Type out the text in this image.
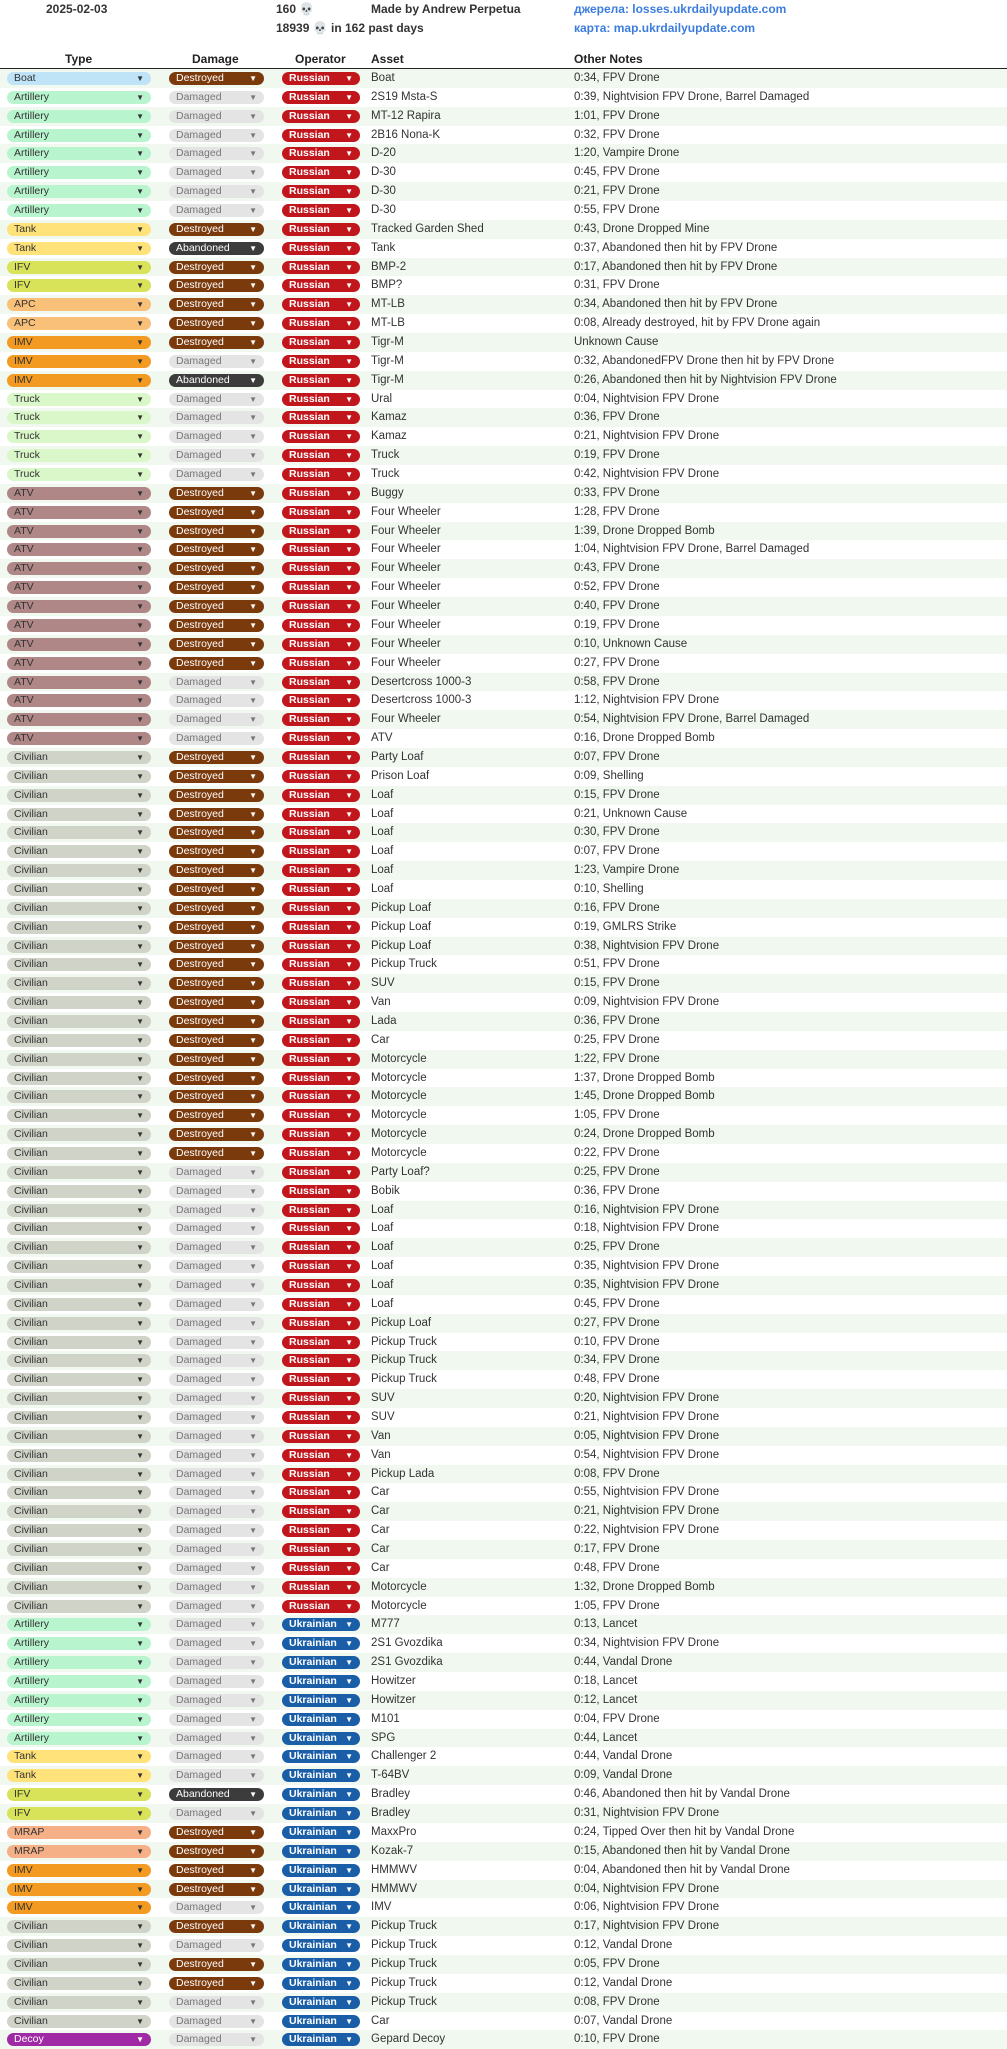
2025-02-03	160 💀
18939 💀 in 162 past days
Made by Andrew Perpetua	джерела: losses.ukrdailyupdate.com
карта: map.ukrdailyupdate.com
Type	Damage	Operator Asset	Other Notes
Boat	▼	Destroyed	▼	Russian ▼ Boat	0:34, FPV Drone
Artillery	▼	Damaged	▼	Russian ▼ 2S19 Msta-S	0:39, Nightvision FPV Drone, Barrel Damaged
Artillery	▼	Damaged	▼	Russian ▼ MT-12 Rapira	1:01, FPV Drone
Artillery	▼	Damaged	▼	Russian ▼ 2B16 Nona-K	0:32, FPV Drone
Artillery	▼	Damaged	▼	Russian ▼ D-20	1:20, Vampire Drone
Artillery	▼	Damaged	▼	Russian ▼ D-30	0:45, FPV Drone
Artillery	▼	Damaged	▼	Russian ▼ D-30	0:21, FPV Drone
Artillery	▼	Damaged	▼	Russian ▼ D-30	0:55, FPV Drone
Tank	▼	Destroyed	▼	Russian ▼ Tracked Garden Shed	0:43, Drone Dropped Mine
Tank	▼	Abandoned ▼	Russian ▼ Tank	0:37, Abandoned then hit by FPV Drone
IFV	▼	Destroyed	▼	Russian ▼ BMP-2	0:17, Abandoned then hit by FPV Drone
IFV	▼	Destroyed	▼	Russian ▼ BMP?	0:31, FPV Drone
APC	▼	Destroyed	▼	Russian ▼ MT-LB	0:34, Abandoned then hit by FPV Drone
APC	▼	Destroyed	▼	Russian ▼ MT-LB	0:08, Already destroyed, hit by FPV Drone again
IMV	▼	Destroyed	▼	Russian ▼ Tigr-M	Unknown Cause
IMV	▼	Damaged	▼	Russian ▼ Tigr-M	0:32, AbandonedFPV Drone then hit by FPV Drone
IMV	▼	Abandoned ▼	Russian ▼ Tigr-M	0:26, Abandoned then hit by Nightvision FPV Drone
Truck	▼	Damaged	▼	Russian ▼ Ural	0:04, Nightvision FPV Drone
Truck	▼	Damaged	▼	Russian ▼ Kamaz	0:36, FPV Drone
Truck	▼	Damaged	▼	Russian ▼ Kamaz	0:21, Nightvision FPV Drone
Truck	▼	Damaged	▼	Russian ▼ Truck	0:19, FPV Drone
Truck	▼	Damaged	▼	Russian ▼ Truck	0:42, Nightvision FPV Drone
ATV	▼	Destroyed	▼	Russian ▼ Buggy	0:33, FPV Drone
ATV	▼	Destroyed	▼	Russian ▼ Four Wheeler	1:28, FPV Drone
ATV	▼	Destroyed	▼	Russian ▼ Four Wheeler	1:39, Drone Dropped Bomb
ATV	▼	Destroyed	▼	Russian ▼ Four Wheeler	1:04, Nightvision FPV Drone, Barrel Damaged
ATV	▼	Destroyed	▼	Russian ▼ Four Wheeler	0:43, FPV Drone
ATV	▼	Destroyed	▼	Russian ▼ Four Wheeler	0:52, FPV Drone
ATV	▼	Destroyed	▼	Russian ▼ Four Wheeler	0:40, FPV Drone
ATV	▼	Destroyed	▼	Russian ▼ Four Wheeler	0:19, FPV Drone
ATV	▼	Destroyed	▼	Russian ▼ Four Wheeler	0:10, Unknown Cause
ATV	▼	Destroyed	▼	Russian ▼ Four Wheeler	0:27, FPV Drone
ATV	▼	Damaged	▼	Russian ▼ Desertcross 1000-3	0:58, FPV Drone
ATV	▼	Damaged	▼	Russian ▼ Desertcross 1000-3	1:12, Nightvision FPV Drone
ATV	▼	Damaged	▼	Russian ▼ Four Wheeler	0:54, Nightvision FPV Drone, Barrel Damaged
ATV	▼	Damaged	▼	Russian ▼ ATV	0:16, Drone Dropped Bomb
Civilian	▼	Destroyed	▼	Russian ▼ Party Loaf	0:07, FPV Drone
Civilian	▼	Destroyed	▼	Russian ▼ Prison Loaf	0:09, Shelling
Civilian	▼	Destroyed	▼	Russian ▼ Loaf	0:15, FPV Drone
Civilian	▼	Destroyed	▼	Russian ▼ Loaf	0:21, Unknown Cause
Civilian	▼	Destroyed	▼	Russian ▼ Loaf	0:30, FPV Drone
Civilian	▼	Destroyed	▼	Russian ▼ Loaf	0:07, FPV Drone
Civilian	▼	Destroyed	▼	Russian ▼ Loaf	1:23, Vampire Drone
Civilian	▼	Destroyed	▼	Russian ▼ Loaf	0:10, Shelling
Civilian	▼	Destroyed	▼	Russian ▼ Pickup Loaf	0:16, FPV Drone
Civilian	▼	Destroyed	▼	Russian ▼ Pickup Loaf	0:19, GMLRS Strike
Civilian	▼	Destroyed	▼	Russian ▼ Pickup Loaf	0:38, Nightvision FPV Drone
Civilian	▼	Destroyed	▼	Russian ▼ Pickup Truck	0:51, FPV Drone
Civilian	▼	Destroyed	▼	Russian ▼ SUV	0:15, FPV Drone
Civilian	▼	Destroyed	▼	Russian ▼ Van	0:09, Nightvision FPV Drone
Civilian	▼	Destroyed	▼	Russian ▼ Lada	0:36, FPV Drone
Civilian	▼	Destroyed	▼	Russian ▼ Car	0:25, FPV Drone
Civilian	▼	Destroyed	▼	Russian ▼ Motorcycle	1:22, FPV Drone
Civilian	▼	Destroyed	▼	Russian ▼ Motorcycle	1:37, Drone Dropped Bomb
Civilian	▼	Destroyed	▼	Russian ▼ Motorcycle	1:45, Drone Dropped Bomb
Civilian	▼	Destroyed	▼	Russian ▼ Motorcycle	1:05, FPV Drone
Civilian	▼	Destroyed	▼	Russian ▼ Motorcycle	0:24, Drone Dropped Bomb
Civilian	▼	Destroyed	▼	Russian ▼ Motorcycle	0:22, FPV Drone
Civilian	▼	Damaged	▼	Russian ▼ Party Loaf?	0:25, FPV Drone
Civilian	▼	Damaged	▼	Russian ▼ Bobik	0:36, FPV Drone
Civilian	▼	Damaged	▼	Russian ▼ Loaf	0:16, Nightvision FPV Drone
Civilian	▼	Damaged	▼	Russian ▼ Loaf	0:18, Nightvision FPV Drone
Civilian	▼	Damaged	▼	Russian ▼ Loaf	0:25, FPV Drone
Civilian	▼	Damaged	▼	Russian ▼ Loaf	0:35, Nightvision FPV Drone
Civilian	▼	Damaged	▼	Russian ▼ Loaf	0:35, Nightvision FPV Drone
Civilian	▼	Damaged	▼	Russian ▼ Loaf	0:45, FPV Drone
Civilian	▼	Damaged	▼	Russian ▼ Pickup Loaf	0:27, FPV Drone
Civilian	▼	Damaged	▼	Russian ▼ Pickup Truck	0:10, FPV Drone
Civilian	▼	Damaged	▼	Russian ▼ Pickup Truck	0:34, FPV Drone
Civilian	▼	Damaged	▼	Russian ▼ Pickup Truck	0:48, FPV Drone
Civilian	▼	Damaged	▼	Russian ▼ SUV	0:20, Nightvision FPV Drone
Civilian	▼	Damaged	▼	Russian ▼ SUV	0:21, Nightvision FPV Drone
Civilian	▼	Damaged	▼	Russian ▼ Van	0:05, Nightvision FPV Drone
Civilian	▼	Damaged	▼	Russian ▼ Van	0:54, Nightvision FPV Drone
Civilian	▼	Damaged	▼	Russian ▼ Pickup Lada	0:08, FPV Drone
Civilian	▼	Damaged	▼	Russian ▼ Car	0:55, Nightvision FPV Drone
Civilian	▼	Damaged	▼	Russian ▼ Car	0:21, Nightvision FPV Drone
Civilian	▼	Damaged	▼	Russian ▼ Car	0:22, Nightvision FPV Drone
Civilian	▼	Damaged	▼	Russian ▼ Car	0:17, FPV Drone
Civilian	▼	Damaged	▼	Russian ▼ Car	0:48, FPV Drone
Civilian	▼	Damaged	▼	Russian ▼ Motorcycle	1:32, Drone Dropped Bomb
Civilian	▼	Damaged	▼	Russian ▼ Motorcycle	1:05, FPV Drone
Artillery	▼	Damaged	▼	Ukrainian ▼ M777	0:13, Lancet
Artillery	▼	Damaged	▼	Ukrainian ▼ 2S1 Gvozdika	0:34, Nightvision FPV Drone
Artillery	▼	Damaged	▼	Ukrainian ▼ 2S1 Gvozdika	0:44, Vandal Drone
Artillery	▼	Damaged	▼	Ukrainian ▼ Howitzer	0:18, Lancet
Artillery	▼	Damaged	▼	Ukrainian ▼ Howitzer	0:12, Lancet
Artillery	▼	Damaged	▼	Ukrainian ▼ M101	0:04, FPV Drone
Artillery	▼	Damaged	▼	Ukrainian ▼ SPG	0:44, Lancet
Tank	▼	Damaged	▼	Ukrainian ▼ Challenger 2	0:44, Vandal Drone
Tank	▼	Damaged	▼	Ukrainian ▼ T-64BV	0:09, Vandal Drone
IFV	▼	Abandoned ▼	Ukrainian ▼ Bradley	0:46, Abandoned then hit by Vandal Drone
IFV	▼	Damaged	▼	Ukrainian ▼ Bradley	0:31, Nightvision FPV Drone
MRAP	▼	Destroyed	▼	Ukrainian ▼ MaxxPro	0:24, Tipped Over then hit by Vandal Drone
MRAP	▼	Destroyed	▼	Ukrainian ▼ Kozak-7	0:15, Abandoned then hit by Vandal Drone
IMV	▼	Destroyed	▼	Ukrainian ▼ HMMWV	0:04, Abandoned then hit by Vandal Drone
IMV	▼	Destroyed	▼	Ukrainian ▼ HMMWV	0:04, Nightvision FPV Drone
IMV	▼	Damaged	▼	Ukrainian ▼ IMV	0:06, Nightvision FPV Drone
Civilian	▼	Destroyed	▼	Ukrainian ▼ Pickup Truck	0:17, Nightvision FPV Drone
Civilian	▼	Damaged	▼	Ukrainian ▼ Pickup Truck	0:12, Vandal Drone
Civilian	▼	Destroyed	▼	Ukrainian ▼ Pickup Truck	0:05, FPV Drone
Civilian	▼	Destroyed	▼	Ukrainian ▼ Pickup Truck	0:12, Vandal Drone
Civilian	▼	Damaged	▼	Ukrainian ▼ Pickup Truck	0:08, FPV Drone
Civilian	▼	Damaged	▼	Ukrainian ▼ Car	0:07, Vandal Drone
Decoy	▼	Damaged	▼	Ukrainian ▼ Gepard Decoy	0:10, FPV Drone
